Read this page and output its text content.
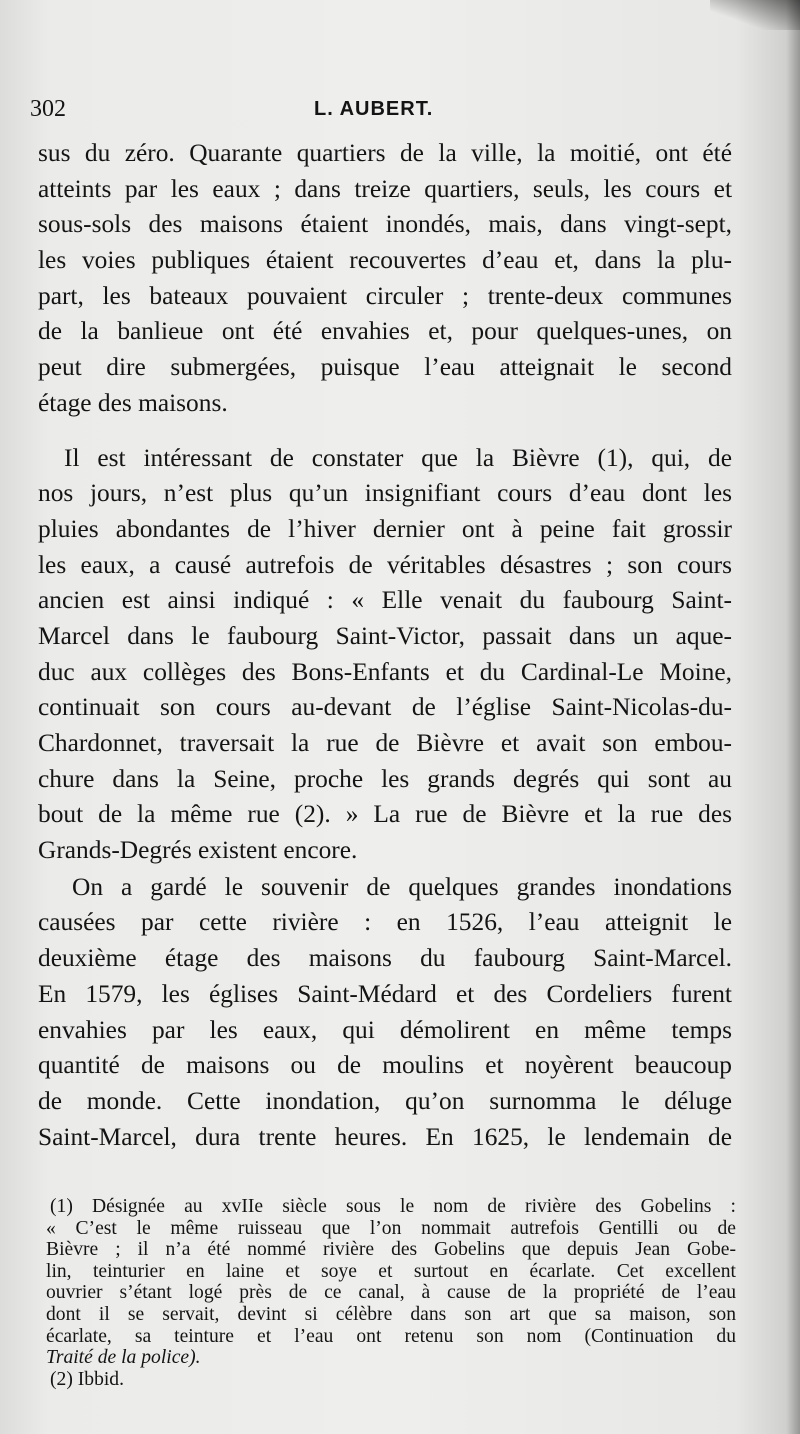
302	L. AUBERT.
sus du zéro. Quarante quartiers de la ville, la moitié, ont été
atteints par les eaux ; dans treize quartiers, seuls, les cours et
sous-sols des maisons étaient inondés, mais, dans vingt-sept,
les voies publiques étaient recouvertes d’eau et, dans la plu-
part, les bateaux pouvaient circuler ; trente-deux communes
de la banlieue ont été envahies et, pour quelques-unes, on
peut dire submergées, puisque l’eau atteignait le second
étage des maisons.
Il est intéressant de constater que la Bièvre (1), qui, de
nos jours, n’est plus qu’un insignifiant cours d’eau dont les
pluies abondantes de l’hiver dernier ont à peine fait grossir
les eaux, a causé autrefois de véritables désastres ; son cours
ancien est ainsi indiqué : « Elle venait du faubourg Saint-
Marcel dans le faubourg Saint-Victor, passait dans un aque-
duc aux collèges des Bons-Enfants et du Cardinal-Le Moine,
continuait son cours au-devant de l’église Saint-Nicolas-du-
Chardonnet, traversait la rue de Bièvre et avait son embou-
chure dans la Seine, proche les grands degrés qui sont au
bout de la même rue (2). » La rue de Bièvre et la rue des
Grands-Degrés existent encore.
On a gardé le souvenir de quelques grandes inondations
causées par cette rivière : en 1526, l’eau atteignit le
deuxième étage des maisons du faubourg Saint-Marcel.
En 1579, les églises Saint-Médard et des Cordeliers furent
envahies par les eaux, qui démolirent en même temps
quantité de maisons ou de moulins et noyèrent beaucoup
de monde. Cette inondation, qu’on surnomma le déluge
Saint-Marcel, dura trente heures. En 1625, le lendemain de
(1) Désignée au xvIIe siècle sous le nom de rivière des Gobelins :
« C’est le même ruisseau que l’on nommait autrefois Gentilli ou de
Bièvre ; il n’a été nommé rivière des Gobelins que depuis Jean Gobe-
lin, teinturier en laine et soye et surtout en écarlate. Cet excellent
ouvrier s’étant logé près de ce canal, à cause de la propriété de l’eau
dont il se servait, devint si célèbre dans son art que sa maison, son
écarlate, sa teinture et l’eau ont retenu son nom (Continuation du
Traité de la police).
(2) Ibbid.
